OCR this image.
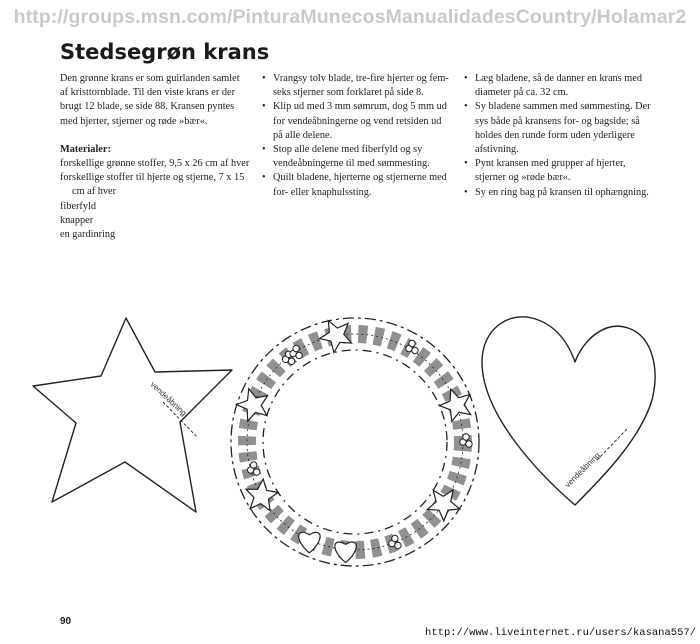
http://groups.msn.com/PinturaMunecosManualidadesCountry/Holamar2
Stedsegrøn krans

Den grønne krans er som guirlanden samlet af kristtornblade. Til den viste krans er der brugt 12 blade, se side 88. Kransen pyntes med hjerter, stjerner og røde »bær«.

Materialer:

forskellige grønne stoffer, 9,5 x 26 cm af hver

forskellige stoffer til hjerte og stjerne, 7 x 15 cm af hver

fiberfyld

knapper

en gardinring

• Vrangsy tolv blade, tre-fire hjerter og fem-seks stjerner som forklaret på side 8.
• Klip ud med 3 mm sømrum, dog 5 mm ud for vendeåbningerne og vend retsiden ud på alle delene.
• Stop alle delene med fiberfyld og sy vendeåbningerne til med sømmesting.
• Quilt bladene, hjerterne og stjernerne med for- eller knaphulssting.
• Læg bladene, så de danner en krans med diameter på ca. 32 cm.
• Sy bladene sammen med sømmesting. Der sys både på kransens for- og bagside; så holdes den runde form uden yderligere afstivning.
• Pynt kransen med grupper af hjerter, stjerner og »røde bær«.
• Sy en ring bag på kransen til ophængning.
vendeåbning
vendeåbning
90
http://www.liveinternet.ru/users/kasana557/
